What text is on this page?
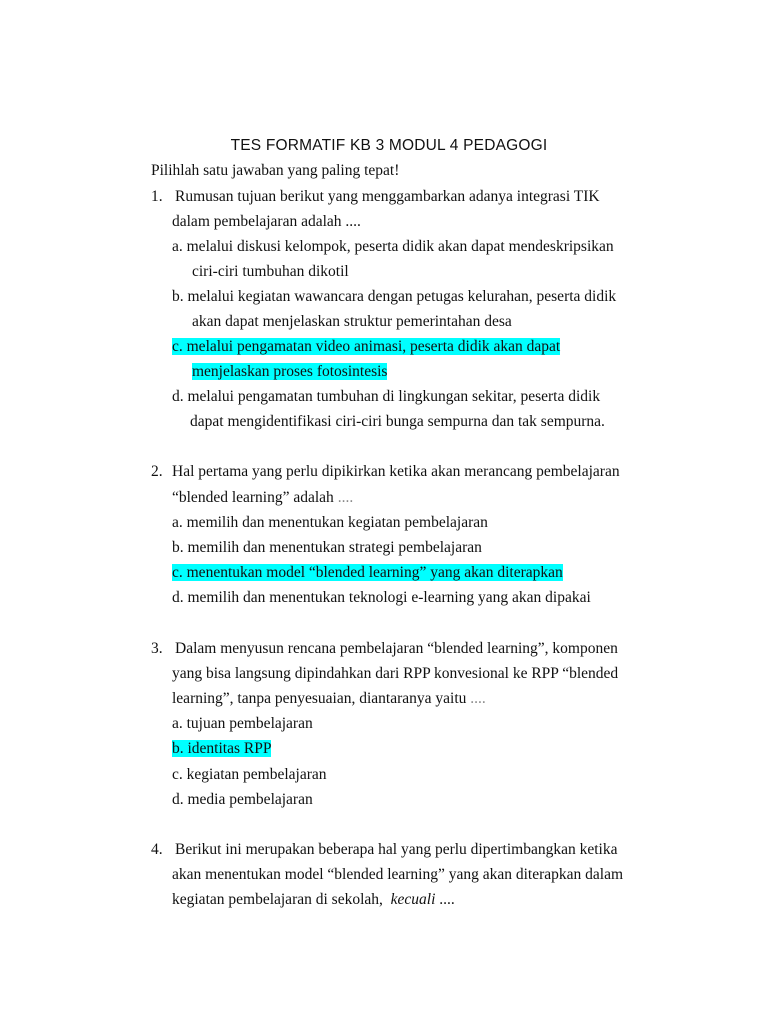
TES FORMATIF KB 3 MODUL 4 PEDAGOGI
Pilihlah satu jawaban yang paling tepat!
1. Rumusan tujuan berikut yang menggambarkan adanya integrasi TIK
dalam pembelajaran adalah ....
a. melalui diskusi kelompok, peserta didik akan dapat mendeskripsikan
ciri-ciri tumbuhan dikotil
b. melalui kegiatan wawancara dengan petugas kelurahan, peserta didik
akan dapat menjelaskan struktur pemerintahan desa
c. melalui pengamatan video animasi, peserta didik akan dapat
menjelaskan proses fotosintesis
d. melalui pengamatan tumbuhan di lingkungan sekitar, peserta didik
dapat mengidentifikasi ciri-ciri bunga sempurna dan tak sempurna.
2. Hal pertama yang perlu dipikirkan ketika akan merancang pembelajaran
“blended learning” adalah ....
a. memilih dan menentukan kegiatan pembelajaran
b. memilih dan menentukan strategi pembelajaran
c. menentukan model “blended learning” yang akan diterapkan
d. memilih dan menentukan teknologi e-learning yang akan dipakai
3. Dalam menyusun rencana pembelajaran “blended learning”, komponen
yang bisa langsung dipindahkan dari RPP konvesional ke RPP “blended
learning”, tanpa penyesuaian, diantaranya yaitu ....
a. tujuan pembelajaran
b. identitas RPP
c. kegiatan pembelajaran
d. media pembelajaran
4. Berikut ini merupakan beberapa hal yang perlu dipertimbangkan ketika
akan menentukan model “blended learning” yang akan diterapkan dalam
kegiatan pembelajaran di sekolah, kecuali ....
